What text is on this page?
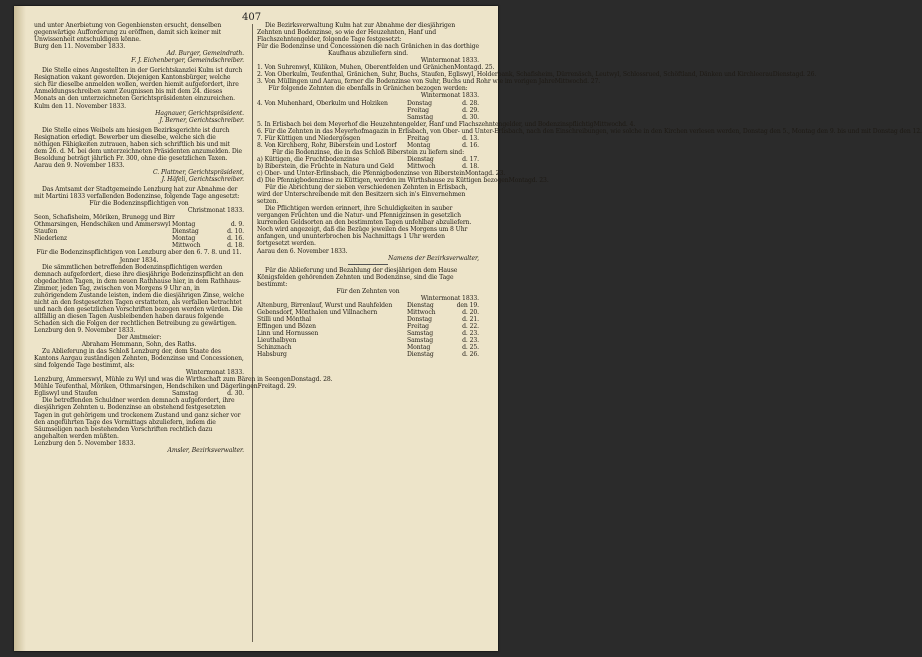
407

und unter Anerbietung von Gegenbiensten ersucht, denselben gegenwärtige Aufforderung zu eröffnen, damit sich keiner mit Unwissenheit entschuldigen könne.

Burg den 11. November 1833.

Ad. Burger, Gemeindrath.

F. J. Eichenberger, Gemeindschreiber.

Die Stelle eines Angestellten in der Gerichtskanzlei Kulm ist durch Resignation vakant geworden. Diejenigen Kantonsbürger, welche sich für dieselbe anmelden wollen, werden hiemit aufgefordert, ihre Anmeldungsschreiben samt Zeugnissen bis mit dem 24. dieses Monats an den unterzeichneten Gerichtspräsidenten einzureichen.

Kulm den 11. November 1833.

Hagnauer, Gerichtspräsident.

J. Berner, Gerichtsschreiber.

Die Stelle eines Weibels am hiesigen Bezirksgerichte ist durch Resignation erledigt. Bewerber um dieselbe, welche sich die nöthigen Fähigkeiten zutrauen, haben sich schriftlich bis und mit dem 26. d. M. bei dem unterzeichneten Präsidenten anzumelden. Die Besoldung beträgt jährlich Fr. 300, ohne die gesetzlichen Taxen.

Aarau den 9. November 1833.

C. Plattner, Gerichtspräsident,

J. Häfeli, Gerichtsschreiber.

Das Amtsamt der Stadtgemeinde Lenzburg hat zur Abnahme der mit Martini 1833 verfallenden Bodenzinse, folgende Tage angesetzt:

Für die Bodenzinspflichtigen von

Christmonat 1833.

Seon, Schafisheim, Möriken, Brunegg und Birr
Othmarsingen, Hendschiken und Ammerswyl Montag	d. 9.
Staufen	Dienstag	d. 10.
Niederlenz	Montag	d. 16.
Mittwoch	d. 18.

Für die Bodenzinspflichtigen von Lenzburg aber den 6. 7. 8. und 11. Jenner 1834.

Die sämmtlichen betreffenden Bodenzinspflichtigen werden demnach aufgefordert, diese ihre diesjährige Bodenzinspflicht an den obgedachten Tagen, in dem neuen Rathhause hier, in dem Rathhaus-Zimmer, jeden Tag, zwischen von Morgens 9 Uhr an, in zuhörigendem Zustande leisten, indem die diesjährigen Zinse, welche nicht an den festgesetzten Tagen erstatteten, als verfallen betrachtet und nach den gesetzlichen Vorschriften bezogen werden würden. Die allfällig an diesen Tagen Ausbleibenden haben daraus folgende Schaden sich die Folgen der rechtlichen Betreibung zu gewärtigen.

Lenzburg den 9. November 1833.

Der Amtmeier:

Abraham Hemmann, Sohn, des Raths.

Zu Ablieferung in das Schloß Lenzburg der, dem Staate des Kantons Aargau zuständigen Zehnten, Bodenzinse und Concessionen, sind folgende Tage bestimmt, als:

Wintermonat 1833.

Lenzburg, Ammerswyl, Mühle zu Wyl und was die Wirthschaft zum Bären in Seengen Donstag d. 28.
Mühle Teufenthal, Möriken, Othmarsingen, Hendschiken und Dägerlingen Freitag d. 29.
Egliswyl und Staufen	Samstag	d. 30.

Die betreffenden Schuldner werden demnach aufgefordert, ihre diesjährigen Zehnten u. Bodenzinse an obstehend festgesetzten Tagen in gut gehörigem und trockenem Zustand und ganz sicher vor den angeführten Tage des Vormittags abzuliefern, indem die Säumseligen nach bestehenden Vorschriften rechtlich dazu angehalten werden müßten.

Lenzburg den 5. November 1833.

Amsler, Bezirksverwalter.

Die Bezirksverwaltung Kulm hat zur Abnahme der diesjährigen Zehnten und Bodenzinse, so wie der Heuzehnten, Hanf und Flachszehntengelder, folgende Tage festgesetzt:

Für die Bodenzinse und Concessionen die nach Gränichen in das dorthige Kaufhaus abzuliefern sind.

Wintermonat 1833.

1. Von Suhrenwyl, Külikon, Muhen, Oberentfelden und Gränichen Montag d. 25.
2. Von Oberkulm, Teufenthal, Gränichen, Suhr, Buchs, Staufen, Egliswyl, Holderbank, Schafisheim, Dürrenäsch, Leutwyl, Schlossrued, Schöftland, Dänken und Kirchleerau Dienstag d. 26.
3. Von Müllingen und Aarau, ferner die Bodenzinse von Suhr, Buchs und Rohr wie im vorigen Jahre Mittwoch d. 27.

Für folgende Zehnten die ebenfalls in Gränichen bezogen werden:

Wintermonat 1833.

4. Von Muhenhard, Oberkulm und Holziken	Donstag	d. 28.
Freitag	d. 29.
Samstag	d. 30.
5. In Erlisbach bei dem Meyerhof die Heuzehntengelder, Hanf und Flachszehntengelder, und Bodenzinspflichtig Mittwoch d. 4.
6. Für die Zehnten in das Meyerhofmagazin in Erlisbach, von Ober- und Unter-Erlisbach, nach den Einschreibungen, wie solche in den Kirchen verlesen werden, Donstag den 5., Montag den 9. bis und mit Donstag den 12.
7. Für Küttigen und Niedergösgen	Freitag	d. 13.
8. Von Kirchberg, Rohr, Biberstein und Lostorf	Montag	d. 16.

Für die Bodenzinse, die in das Schloß Biberstein zu liefern sind:

a) Küttigen, die Fruchtbodenzinse	Dienstag	d. 17.
b) Biberstein, die Früchte in Natura und Geld	Mittwoch	d. 18.
c) Ober- und Unter-Erlinsbach, die Pfennigbodenzinse von Biberstein Montag d. 23.
d) Die Pfennigbodenzinse zu Küttigen, werden im Wirthshause zu Küttigen bezogen Montag d. 23.

Für die Abrichtung der sieben verschiedenen Zehnten in Erlisbach, wird der Unterschreibende mit den Besitzern sich in's Einvernehmen setzen.

Die Pflichtigen werden erinnert, ihre Schuldigkeiten in sauber vergangen Früchten und die Natur- und Pfennigzinsen in gesetzlich kurrenden Geldsorten an den bestimmten Tagen unfehlbar abzuliefern. Noch wird angezeigt, daß die Bezüge jeweilen des Morgens um 8 Uhr anfangen, und ununterbrochen bis Nachmittags 1 Uhr werden fortgesetzt werden.

Aarau den 6. November 1833.

Namens der Bezirksverwalter,

Für die Ablieferung und Bezahlung der diesjährigen dem Hause Königsfelden gehörenden Zehnten und Bodenzinse, sind die Tage bestimmt:

Für den Zehnten von

Wintermonat 1833.

Altenburg, Birrenlauf, Wurst und Rauhfelden	Dienstag	den 19.
Gebensdorf, Mönthalen und Villnachern	Mittwoch	d. 20.
Stilli und Mönthal	Donstag	d. 21.
Effingen und Bözen	Freitag	d. 22.
Linn und Hornussen	Samstag	d. 23.
Lieuthalbyen	Samstag	d. 23.
Schinznach	Montag	d. 25.
Habsburg	Dienstag	d. 26.
